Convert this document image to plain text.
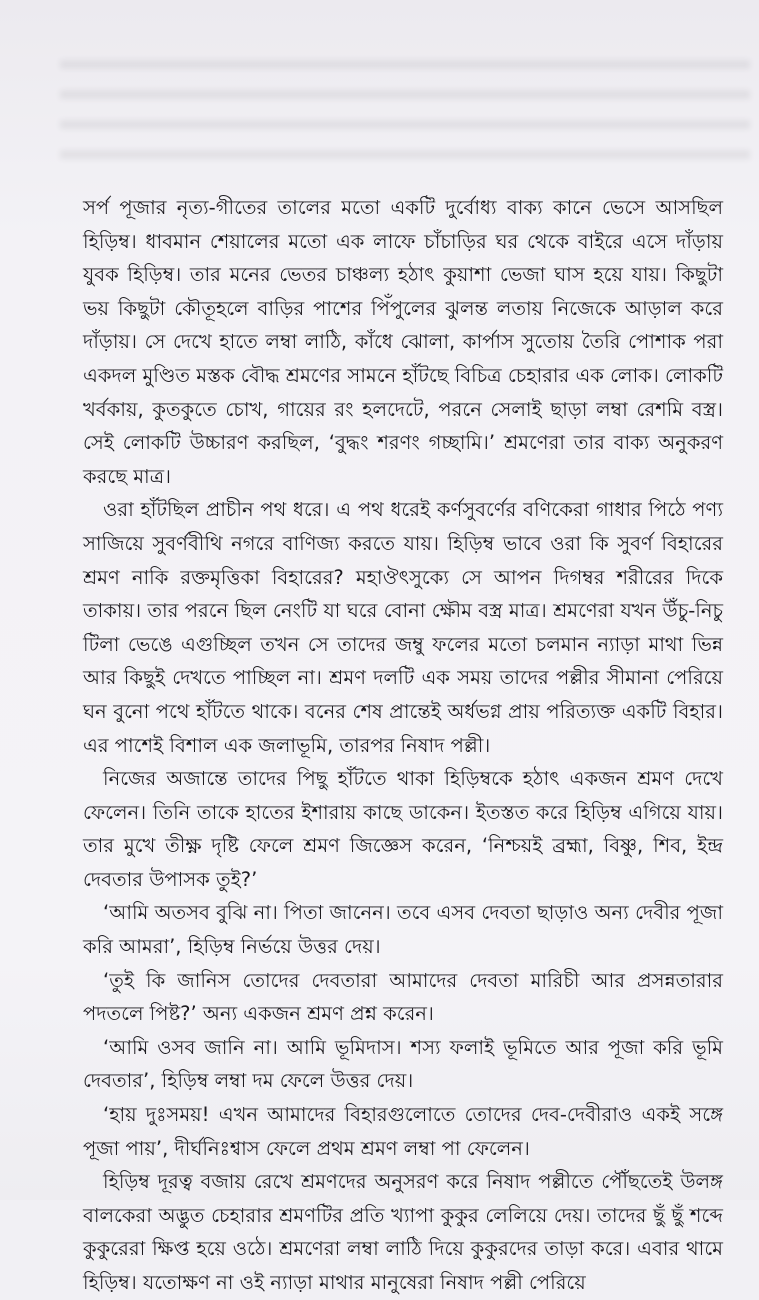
সর্প পূজার নৃত্য-গীতের তালের মতো একটি দুর্বোধ্য বাক্য কানে ভেসে আসছিল হিড়িম্ব। ধাবমান শেয়ালের মতো এক লাফে চাঁচাড়ির ঘর থেকে বাইরে এসে দাঁড়ায় যুবক হিড়িম্ব। তার মনের ভেতর চাঞ্চল্য হঠাৎ কুয়াশা ভেজা ঘাস হয়ে যায়। কিছুটা ভয় কিছুটা কৌতূহলে বাড়ির পাশের পিঁপুলের ঝুলন্ত লতায় নিজেকে আড়াল করে দাঁড়ায়। সে দেখে হাতে লম্বা লাঠি, কাঁধে ঝোলা, কার্পাস সুতোয় তৈরি পোশাক পরা একদল মুণ্ডিত মস্তক বৌদ্ধ শ্রমণের সামনে হাঁটছে বিচিত্র চেহারার এক লোক। লোকটি খর্বকায়, কুতকুতে চোখ, গায়ের রং হলদেটে, পরনে সেলাই ছাড়া লম্বা রেশমি বস্ত্র। সেই লোকটি উচ্চারণ করছিল, ‘বুদ্ধং শরণং গচ্ছামি।’ শ্রমণেরা তার বাক্য অনুকরণ করছে মাত্র।

ওরা হাঁটছিল প্রাচীন পথ ধরে। এ পথ ধরেই কর্ণসুবর্ণের বণিকেরা গাধার পিঠে পণ্য সাজিয়ে সুবর্ণবীথি নগরে বাণিজ্য করতে যায়। হিড়িম্ব ভাবে ওরা কি সুবর্ণ বিহারের শ্রমণ নাকি রক্তমৃত্তিকা বিহারের? মহাঔৎসুক্যে সে আপন দিগম্বর শরীরের দিকে তাকায়। তার পরনে ছিল নেংটি যা ঘরে বোনা ক্ষৌম বস্ত্র মাত্র। শ্রমণেরা যখন উঁচু-নিচু টিলা ভেঙে এগুচ্ছিল তখন সে তাদের জম্বু ফলের মতো চলমান ন্যাড়া মাথা ভিন্ন আর কিছুই দেখতে পাচ্ছিল না। শ্রমণ দলটি এক সময় তাদের পল্লীর সীমানা পেরিয়ে ঘন বুনো পথে হাঁটতে থাকে। বনের শেষ প্রান্তেই অর্ধভগ্ন প্রায় পরিত্যক্ত একটি বিহার। এর পাশেই বিশাল এক জলাভূমি, তারপর নিষাদ পল্লী।

নিজের অজান্তে তাদের পিছু হাঁটতে থাকা হিড়িম্বকে হঠাৎ একজন শ্রমণ দেখে ফেলেন। তিনি তাকে হাতের ইশারায় কাছে ডাকেন। ইতস্তত করে হিড়িম্ব এগিয়ে যায়। তার মুখে তীক্ষ্ণ দৃষ্টি ফেলে শ্রমণ জিজ্ঞেস করেন, ‘নিশ্চয়ই ব্রহ্মা, বিষ্ণু, শিব, ইন্দ্র দেবতার উপাসক তুই?’

‘আমি অতসব বুঝি না। পিতা জানেন। তবে এসব দেবতা ছাড়াও অন্য দেবীর পূজা করি আমরা’, হিড়িম্ব নির্ভয়ে উত্তর দেয়।

‘তুই কি জানিস তোদের দেবতারা আমাদের দেবতা মারিচী আর প্রসন্নতারার পদতলে পিষ্ট?’ অন্য একজন শ্রমণ প্রশ্ন করেন।

‘আমি ওসব জানি না। আমি ভূমিদাস। শস্য ফলাই ভূমিতে আর পূজা করি ভূমি দেবতার’, হিড়িম্ব লম্বা দম ফেলে উত্তর দেয়।

‘হায় দুঃসময়! এখন আমাদের বিহারগুলোতে তোদের দেব-দেবীরাও একই সঙ্গে পূজা পায়’, দীর্ঘনিঃশ্বাস ফেলে প্রথম শ্রমণ লম্বা পা ফেলেন।

হিড়িম্ব দূরত্ব বজায় রেখে শ্রমণদের অনুসরণ করে নিষাদ পল্লীতে পৌঁছতেই উলঙ্গ বালকেরা অদ্ভুত চেহারার শ্রমণটির প্রতি খ্যাপা কুকুর লেলিয়ে দেয়। তাদের ছুঁ ছুঁ শব্দে কুকুরেরা ক্ষিপ্ত হয়ে ওঠে। শ্রমণেরা লম্বা লাঠি দিয়ে কুকুরদের তাড়া করে। এবার থামে হিড়িম্ব। যতোক্ষণ না ওই ন্যাড়া মাথার মানুষেরা নিষাদ পল্লী পেরিয়ে
